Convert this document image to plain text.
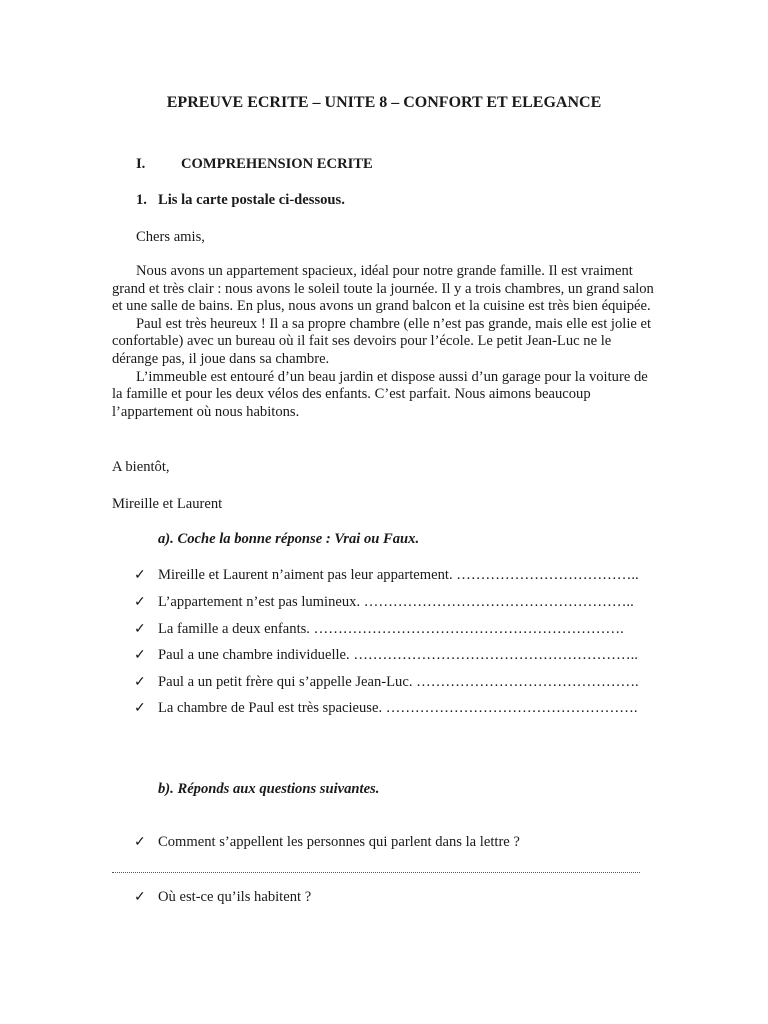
EPREUVE ECRITE – UNITE 8 – CONFORT ET ELEGANCE
I. COMPREHENSION ECRITE
1. Lis la carte postale ci-dessous.
Chers amis,

Nous avons un appartement spacieux, idéal pour notre grande famille. Il est vraiment grand et très clair : nous avons le soleil toute la journée. Il y a trois chambres, un grand salon et une salle de bains. En plus, nous avons un grand balcon et la cuisine est très bien équipée.

Paul est très heureux ! Il a sa propre chambre (elle n’est pas grande, mais elle est jolie et confortable) avec un bureau où il fait ses devoirs pour l’école. Le petit Jean-Luc ne le dérange pas, il joue dans sa chambre.

L’immeuble est entouré d’un beau jardin et dispose aussi d’un garage pour la voiture de la famille et pour les deux vélos des enfants. C’est parfait. Nous aimons beaucoup l’appartement où nous habitons.

A bientôt,
Mireille et Laurent
a). Coche la bonne réponse : Vrai ou Faux.
✓ Mireille et Laurent n’aiment pas leur appartement. ………………………………..
✓ L’appartement n’est pas lumineux. ………………………………………………..
✓ La famille a deux enfants. ……………………………………………………….
✓ Paul a une chambre individuelle. …………………………………………………..
✓ Paul a un petit frère qui s’appelle Jean-Luc. ……………………………………….
✓ La chambre de Paul est très spacieuse. …………………………………………….
b). Réponds aux questions suivantes.
✓ Comment s’appellent les personnes qui parlent dans la lettre ?
✓ Où est-ce qu’ils habitent ?
